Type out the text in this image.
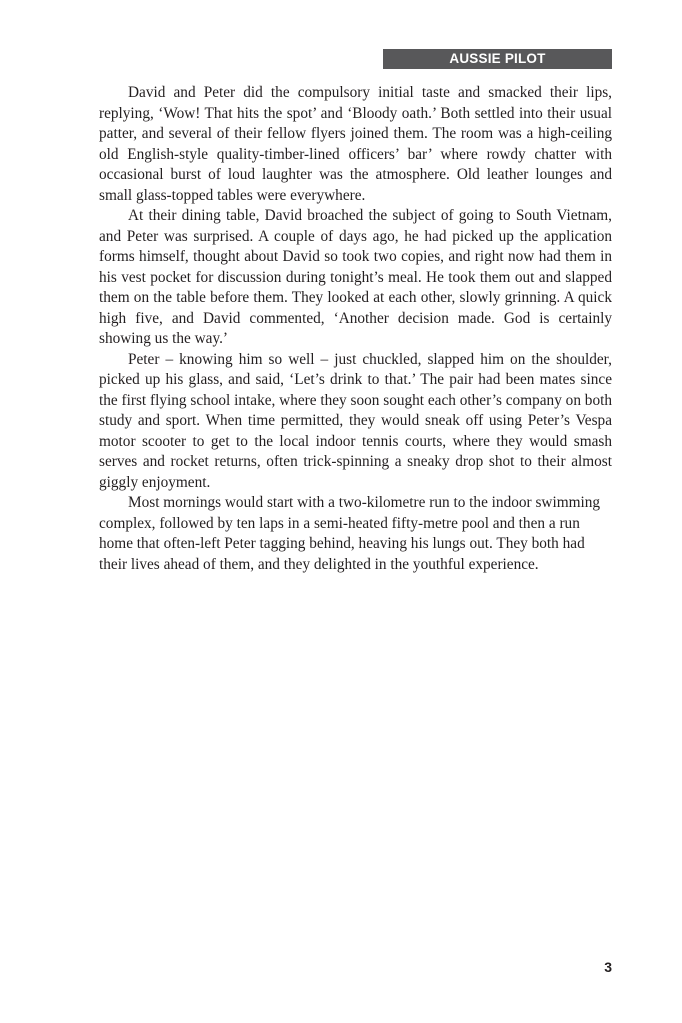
AUSSIE PILOT

David and Peter did the compulsory initial taste and smacked their lips, replying, ‘Wow! That hits the spot’ and ‘Bloody oath.’ Both settled into their usual patter, and several of their fellow flyers joined them. The room was a high-ceiling old English-style quality-timber-lined officers’ bar’ where rowdy chatter with occasional burst of loud laughter was the atmosphere. Old leather lounges and small glass-topped tables were everywhere.

At their dining table, David broached the subject of going to South Vietnam, and Peter was surprised. A couple of days ago, he had picked up the application forms himself, thought about David so took two copies, and right now had them in his vest pocket for discussion during tonight’s meal. He took them out and slapped them on the table before them. They looked at each other, slowly grinning. A quick high five, and David commented, ‘Another decision made. God is certainly showing us the way.’

Peter – knowing him so well – just chuckled, slapped him on the shoulder, picked up his glass, and said, ‘Let’s drink to that.’ The pair had been mates since the first flying school intake, where they soon sought each other’s company on both study and sport. When time permitted, they would sneak off using Peter’s Vespa motor scooter to get to the local indoor tennis courts, where they would smash serves and rocket returns, often trick-spinning a sneaky drop shot to their almost giggly enjoyment.

Most mornings would start with a two-kilometre run to the indoor swimming complex, followed by ten laps in a semi-heated fifty-metre pool and then a run home that often-left Peter tagging behind, heaving his lungs out. They both had their lives ahead of them, and they delighted in the youthful experience.

3
